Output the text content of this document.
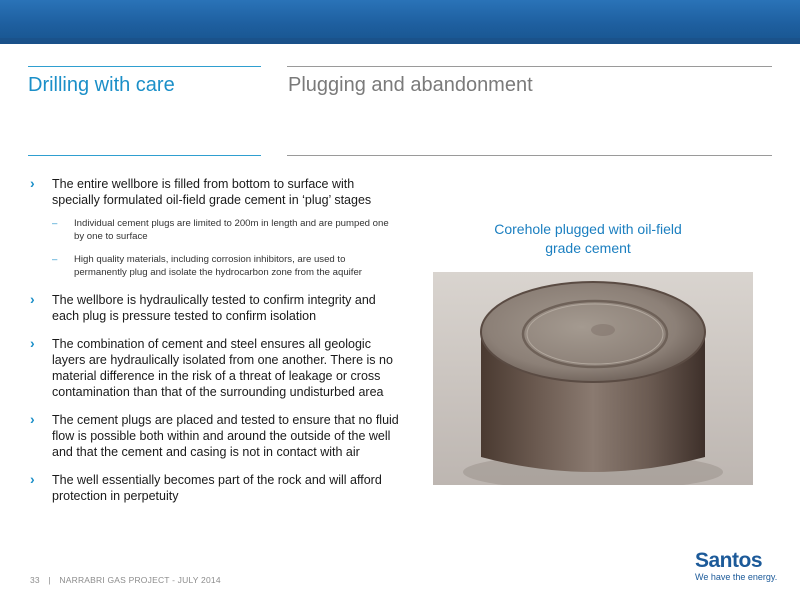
Drilling with care	Plugging and abandonment
› The entire wellbore is filled from bottom to surface with specially formulated oil-field grade cement in ‘plug’ stages
– Individual cement plugs are limited to 200m in length and are pumped one by one to surface
– High quality materials, including corrosion inhibitors, are used to permanently plug and isolate the hydrocarbon zone from the aquifer
› The wellbore is hydraulically tested to confirm integrity and each plug is pressure tested to confirm isolation
› The combination of cement and steel ensures all geologic layers are hydraulically isolated from one another. There is no material difference in the risk of a threat of leakage or cross contamination than that of the surrounding undisturbed area
› The cement plugs are placed and tested to ensure that no fluid flow is possible both within and around the outside of the well and that the cement and casing is not in contact with air
› The well essentially becomes part of the rock and will afford protection in perpetuity
Corehole plugged with oil-field
grade cement
33 | NARRABRI GAS PROJECT - JULY 2014
Santos
We have the energy.
